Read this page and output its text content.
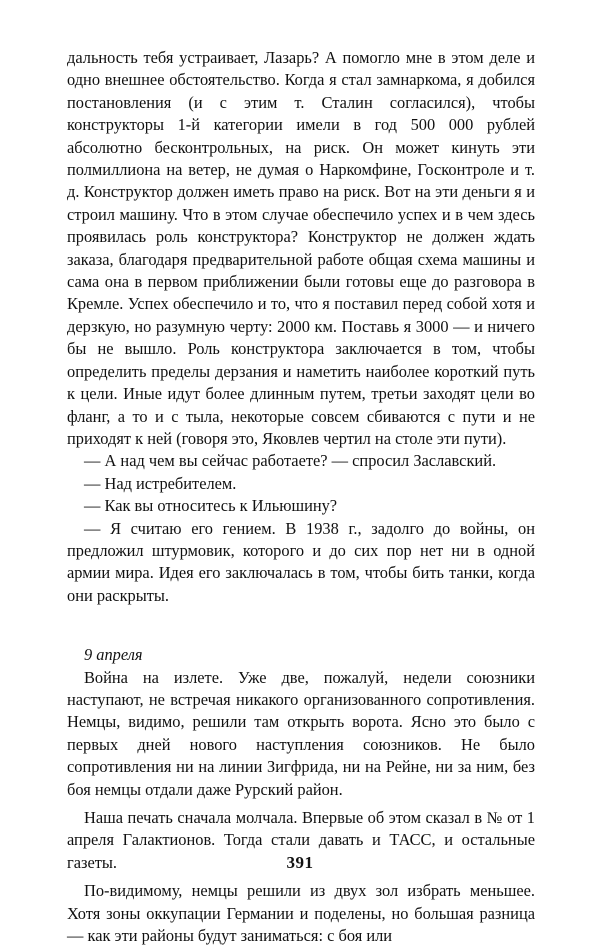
дальность тебя устраивает, Лазарь? А помогло мне в этом деле и одно внешнее обстоятельство. Когда я стал замнаркома, я добился постановления (и с этим т. Сталин согласился), чтобы конструкторы 1-й категории имели в год 500 000 рублей абсолютно бесконтрольных, на риск. Он может кинуть эти полмиллиона на ветер, не думая о Наркомфине, Госконтроле и т. д. Конструктор должен иметь право на риск. Вот на эти деньги я и строил машину. Что в этом случае обеспечило успех и в чем здесь проявилась роль конструктора? Конструктор не должен ждать заказа, благодаря предварительной работе общая схема машины и сама она в первом приближении были готовы еще до разговора в Кремле. Успех обеспечило и то, что я поставил перед собой хотя и дерзкую, но разумную черту: 2000 км. Поставь я 3000 — и ничего бы не вышло. Роль конструктора заключается в том, чтобы определить пределы дерзания и наметить наиболее короткий путь к цели. Иные идут более длинным путем, третьи заходят цели во фланг, а то и с тыла, некоторые совсем сбиваются с пути и не приходят к ней (говоря это, Яковлев чертил на столе эти пути).

— А над чем вы сейчас работаете? — спросил Заславский.

— Над истребителем.

— Как вы относитесь к Ильюшину?

— Я считаю его гением. В 1938 г., задолго до войны, он предложил штурмовик, которого и до сих пор нет ни в одной армии мира. Идея его заключалась в том, чтобы бить танки, когда они раскрыты.

9 апреля

Война на излете. Уже две, пожалуй, недели союзники наступают, не встречая никакого организованного сопротивления. Немцы, видимо, решили там открыть ворота. Ясно это было с первых дней нового наступления союзников. Не было сопротивления ни на линии Зигфрида, ни на Рейне, ни за ним, без боя немцы отдали даже Рурский район.

Наша печать сначала молчала. Впервые об этом сказал в № от 1 апреля Галактионов. Тогда стали давать и ТАСС, и остальные газеты.

По-видимому, немцы решили из двух зол избрать меньшее. Хотя зоны оккупации Германии и поделены, но большая разница — как эти районы будут заниматься: с боя или

391
